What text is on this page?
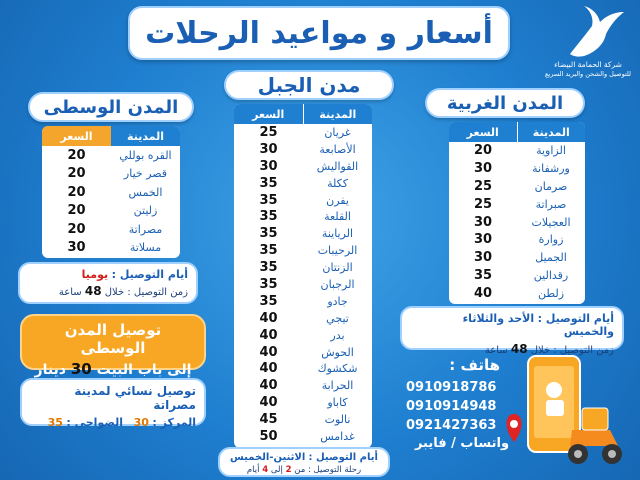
أسعار و مواعيد الرحلات
شركة الحمامة البيضاء
للتوصيل والشحن والبريد السريع
مدن الجبل
المدينة
السعر
غريان
25
الأصابعة
30
القواليش
30
ككلة
35
يفرن
35
القلعة
35
الرياينة
35
الرحيبات
35
الزنتان
35
الرجبان
35
جادو
35
تيجي
40
بدر
40
الحوش
40
شكشوك
40
الحرابة
40
كاباو
40
نالوت
45
غدامس
50
أيام التوصيل : الاثنين-الخميس
رحلة التوصيل : من 2 إلى 4 أيام
المدن الغربية
المدينة
السعر
الزاوية
20
ورشفانة
30
صرمان
25
صبراتة
25
العجيلات
30
زوارة
30
الجميل
30
رقدالين
35
زلطن
40
أيام التوصيل : الأحد والثلاثاء والخميس
زمن التوصيل : خلال 48 ساعة
المدن الوسطى
المدينة
السعر
القره بوللي
20
قصر خيار
20
الخمس
20
زليتن
20
مصراتة
20
مسلاتة
30
أيام التوصيل : يوميا
زمن التوصيل : خلال 48 ساعة
توصيل المدن الوسطى
إلى باب البيت 30 دينار
توصيل نسائي لمدينة مصراتة
المركز : 30   الضواحي : 35
هاتف :
0910918786
0910914948
0921427363
واتساب / فايبر
